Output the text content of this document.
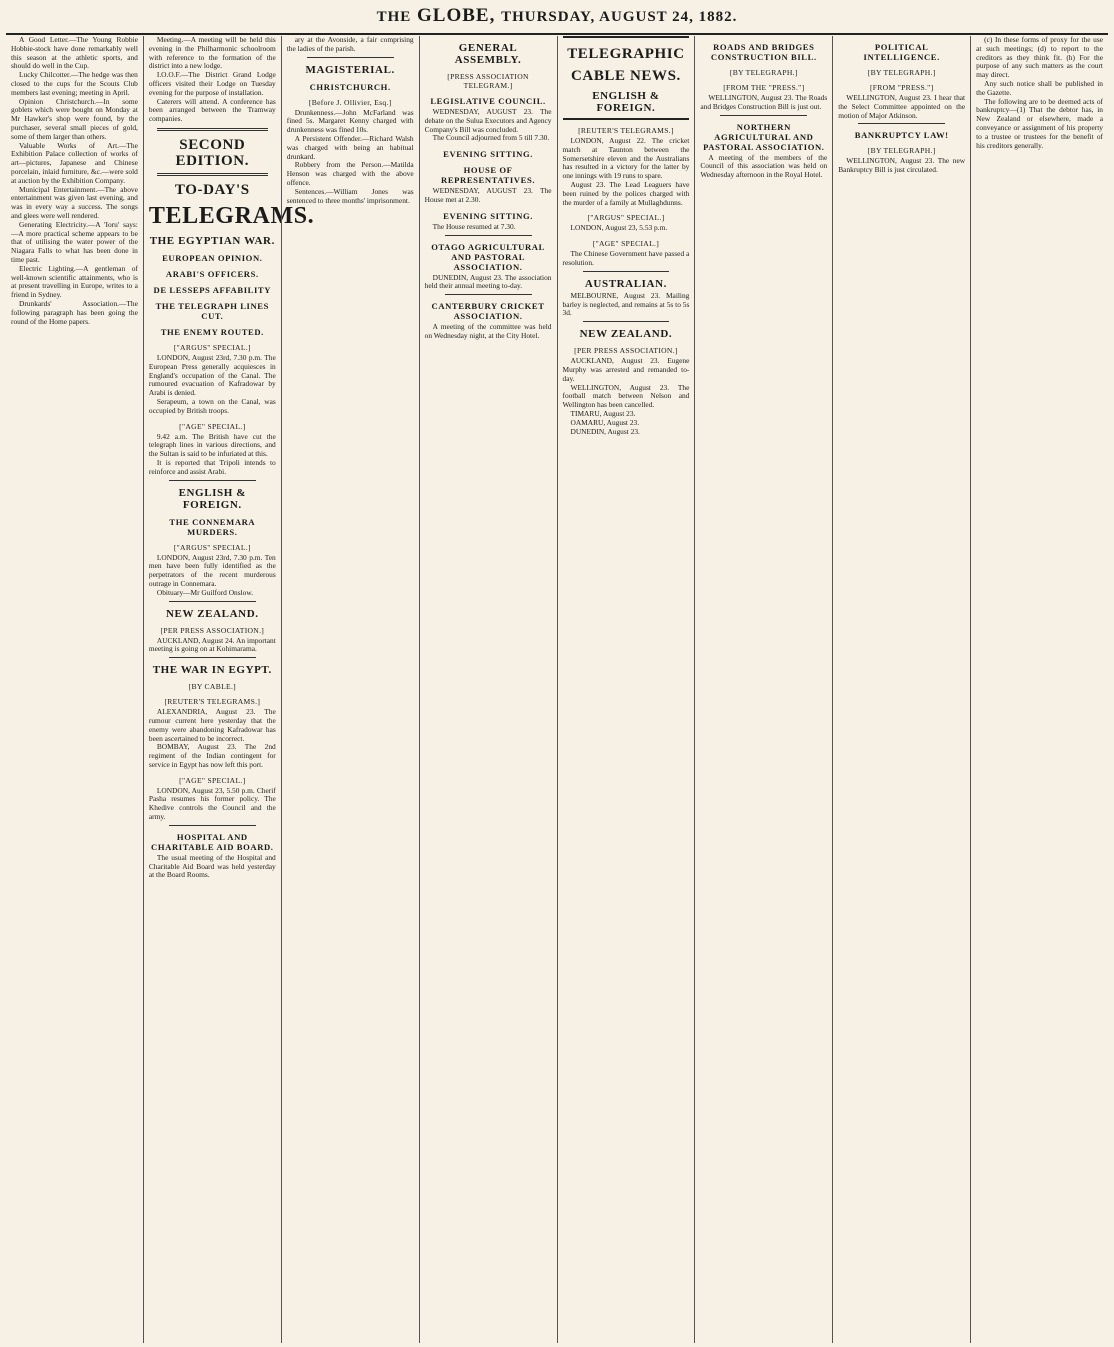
THE GLOBE, THURSDAY, AUGUST 24, 1882.

A Good Letter.—The Young Robbie Hobbie-stock have done remarkably well this season at the athletic sports, and should do well in the Cup.

Lucky Chilcotter.—The hedge was then closed to the cups for the Scouts Club members last evening; meeting in April.

Opinion Christchurch.—In some goblets which were bought on Monday at Mr Hawker's shop were found, by the purchaser, several small pieces of gold, some of them larger than others.

Valuable Works of Art.—The Exhibition Palace collection of works of art—pictures, Japanese and Chinese porcelain, inlaid furniture, &c.—were sold at auction by the Exhibition Company.

Municipal Entertainment.—The above entertainment was given last evening, and was in every way a success. The songs and glees were well rendered.

Generating Electricity.—A 'Ioru' says:—A more practical scheme appears to be that of utilising the water power of the Niagara Falls to what has been done in time past.

Electric Lighting.—A gentleman of well-known scientific attainments, who is at present travelling in Europe, writes to a friend in Sydney.

Drunkards' Association.—The following paragraph has been going the round of the Home papers.

Meeting.—A meeting will be held this evening in the Philharmonic schoolroom with reference to the formation of the district into a new lodge.

I.O.O.F.—The District Grand Lodge officers visited their Lodge on Tuesday evening for the purpose of installation.

Caterers will attend. A conference has been arranged between the Tramway companies.

SECOND EDITION.
TO-DAY'S
TELEGRAMS.
THE EGYPTIAN WAR.
EUROPEAN OPINION.
ARABI'S OFFICERS.
DE LESSEPS AFFABILITY
THE TELEGRAPH LINES CUT.
THE ENEMY ROUTED.
["ARGUS" SPECIAL.]

LONDON, August 23rd, 7.30 p.m. The European Press generally acquiesces in England's occupation of the Canal. The rumoured evacuation of Kafradowar by Arabi is denied.

Serapeum, a town on the Canal, was occupied by British troops.

["AGE" SPECIAL.]

9.42 a.m. The British have cut the telegraph lines in various directions, and the Sultan is said to be infuriated at this.

It is reported that Tripoli intends to reinforce and assist Arabi.

ENGLISH & FOREIGN.
THE CONNEMARA MURDERS.
["ARGUS" SPECIAL.]

LONDON, August 23rd, 7.30 p.m. Ten men have been fully identified as the perpetrators of the recent murderous outrage in Connemara.

Obituary—Mr Guilford Onslow.

NEW ZEALAND.
[PER PRESS ASSOCIATION.]

AUCKLAND, August 24. An important meeting is going on at Kohimarama.

THE WAR IN EGYPT.
[BY CABLE.]
[REUTER'S TELEGRAMS.]

ALEXANDRIA, August 23. The rumour current here yesterday that the enemy were abandoning Kafradowar has been ascertained to be incorrect.

BOMBAY, August 23. The 2nd regiment of the Indian contingent for service in Egypt has now left this port.

["AGE" SPECIAL.]

LONDON, August 23, 5.50 p.m. Cherif Pasha resumes his former policy. The Khedive controls the Council and the army.

HOSPITAL AND CHARITABLE AID BOARD.

The usual meeting of the Hospital and Charitable Aid Board was held yesterday at the Board Rooms.

ary at the Avonside, a fair comprising the ladies of the parish.

MAGISTERIAL.
CHRISTCHURCH.
[Before J. Ollivier, Esq.]

Drunkenness.—John McFarland was fined 5s. Margaret Kenny charged with drunkenness was fined 10s.

A Persistent Offender.—Richard Walsh was charged with being an habitual drunkard.

Robbery from the Person.—Matilda Henson was charged with the above offence.

Sentences.—William Jones was sentenced to three months' imprisonment.

GENERAL ASSEMBLY.
[PRESS ASSOCIATION TELEGRAM.]
LEGISLATIVE COUNCIL.

WEDNESDAY, AUGUST 23. The debate on the Sulua Executors and Agency Company's Bill was concluded.

The Council adjourned from 5 till 7.30.

EVENING SITTING.
HOUSE OF REPRESENTATIVES.

WEDNESDAY, AUGUST 23. The House met at 2.30.

EVENING SITTING.

The House resumed at 7.30.

OTAGO AGRICULTURAL AND PASTORAL ASSOCIATION.

DUNEDIN, August 23. The association held their annual meeting to-day.

CANTERBURY CRICKET ASSOCIATION.

A meeting of the committee was held on Wednesday night, at the City Hotel.

TELEGRAPHIC
CABLE NEWS.
ENGLISH & FOREIGN.
[REUTER'S TELEGRAMS.]

LONDON, August 22. The cricket match at Taunton between the Somersetshire eleven and the Australians has resulted in a victory for the latter by one innings with 19 runs to spare.

August 23. The Lead Leaguers have been ruined by the polices charged with the murder of a family at Mullaghdunns.

["ARGUS" SPECIAL.]

LONDON, August 23, 5.53 p.m.

["AGE" SPECIAL.]

The Chinese Government have passed a resolution.

AUSTRALIAN.

MELBOURNE, August 23. Mailing barley is neglected, and remains at 5s to 5s 3d.

NEW ZEALAND.
[PER PRESS ASSOCIATION.]

AUCKLAND, August 23. Eugene Murphy was arrested and remanded to-day.

WELLINGTON, August 23. The football match between Nelson and Wellington has been cancelled.

TIMARU, August 23.

OAMARU, August 23.

DUNEDIN, August 23.

ROADS AND BRIDGES CONSTRUCTION BILL.
[BY TELEGRAPH.]
[FROM THE "PRESS."]

WELLINGTON, August 23. The Roads and Bridges Construction Bill is just out.

NORTHERN AGRICULTURAL AND PASTORAL ASSOCIATION.

A meeting of the members of the Council of this association was held on Wednesday afternoon in the Royal Hotel.

POLITICAL INTELLIGENCE.
[BY TELEGRAPH.]
[FROM "PRESS."]

WELLINGTON, August 23. I hear that the Select Committee appointed on the motion of Major Atkinson.

BANKRUPTCY LAW!
[BY TELEGRAPH.]

WELLINGTON, August 23. The new Bankruptcy Bill is just circulated.

(c) In these forms of proxy for the use at such meetings; (d) to report to the creditors as they think fit. (h) For the purpose of any such matters as the court may direct.

Any such notice shall be published in the Gazette.

The following are to be deemed acts of bankruptcy—(1) That the debtor has, in New Zealand or elsewhere, made a conveyance or assignment of his property to a trustee or trustees for the benefit of his creditors generally.
